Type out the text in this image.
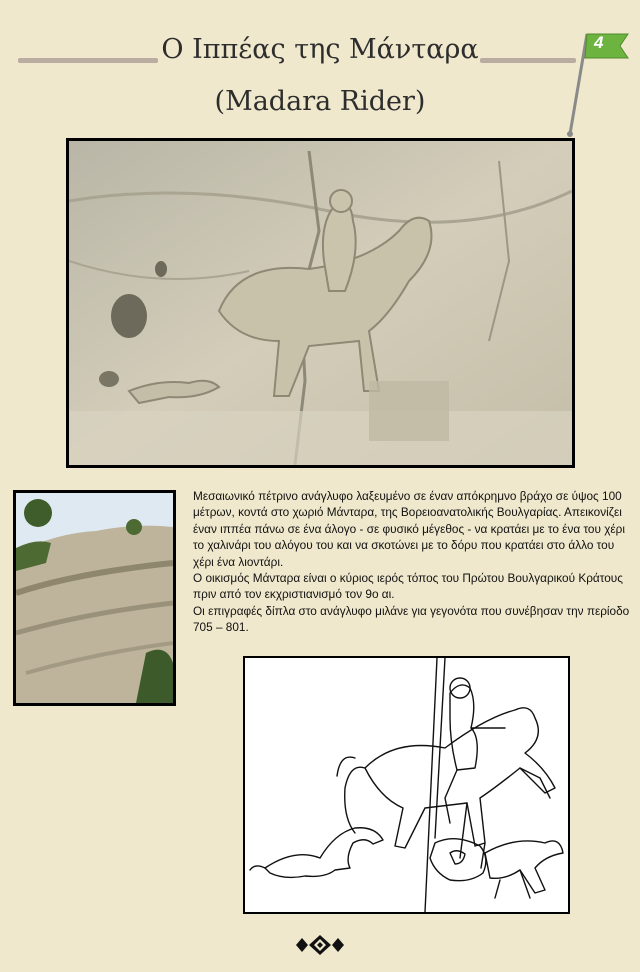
Ο Ιππέας της Μάνταρα
(Madara Rider)
4

Μεσαιωνικό πέτρινο ανάγλυφο λαξευμένο σε έναν απόκρημνο βράχο σε ύψος 100 μέτρων, κοντά στο χωριό Μάνταρα, της Βορειοανατολικής Βουλγαρίας. Απεικονίζει έναν ιππέα πάνω σε ένα άλογο - σε φυσικό μέγεθος - να κρατάει με το ένα του χέρι το χαλινάρι του αλόγου του και να σκοτώνει με το δόρυ που κρατάει στο άλλο του χέρι ένα λιοντάρι.

Ο οικισμός Μάνταρα είναι ο κύριος ιερός τόπος του Πρώτου Βουλγαρικού Κράτους πριν από τον εκχριστιανισμό τον 9ο αι.

Οι επιγραφές δίπλα στο ανάγλυφο μιλάνε για γεγονότα που συνέβησαν την περίοδο 705 – 801.
